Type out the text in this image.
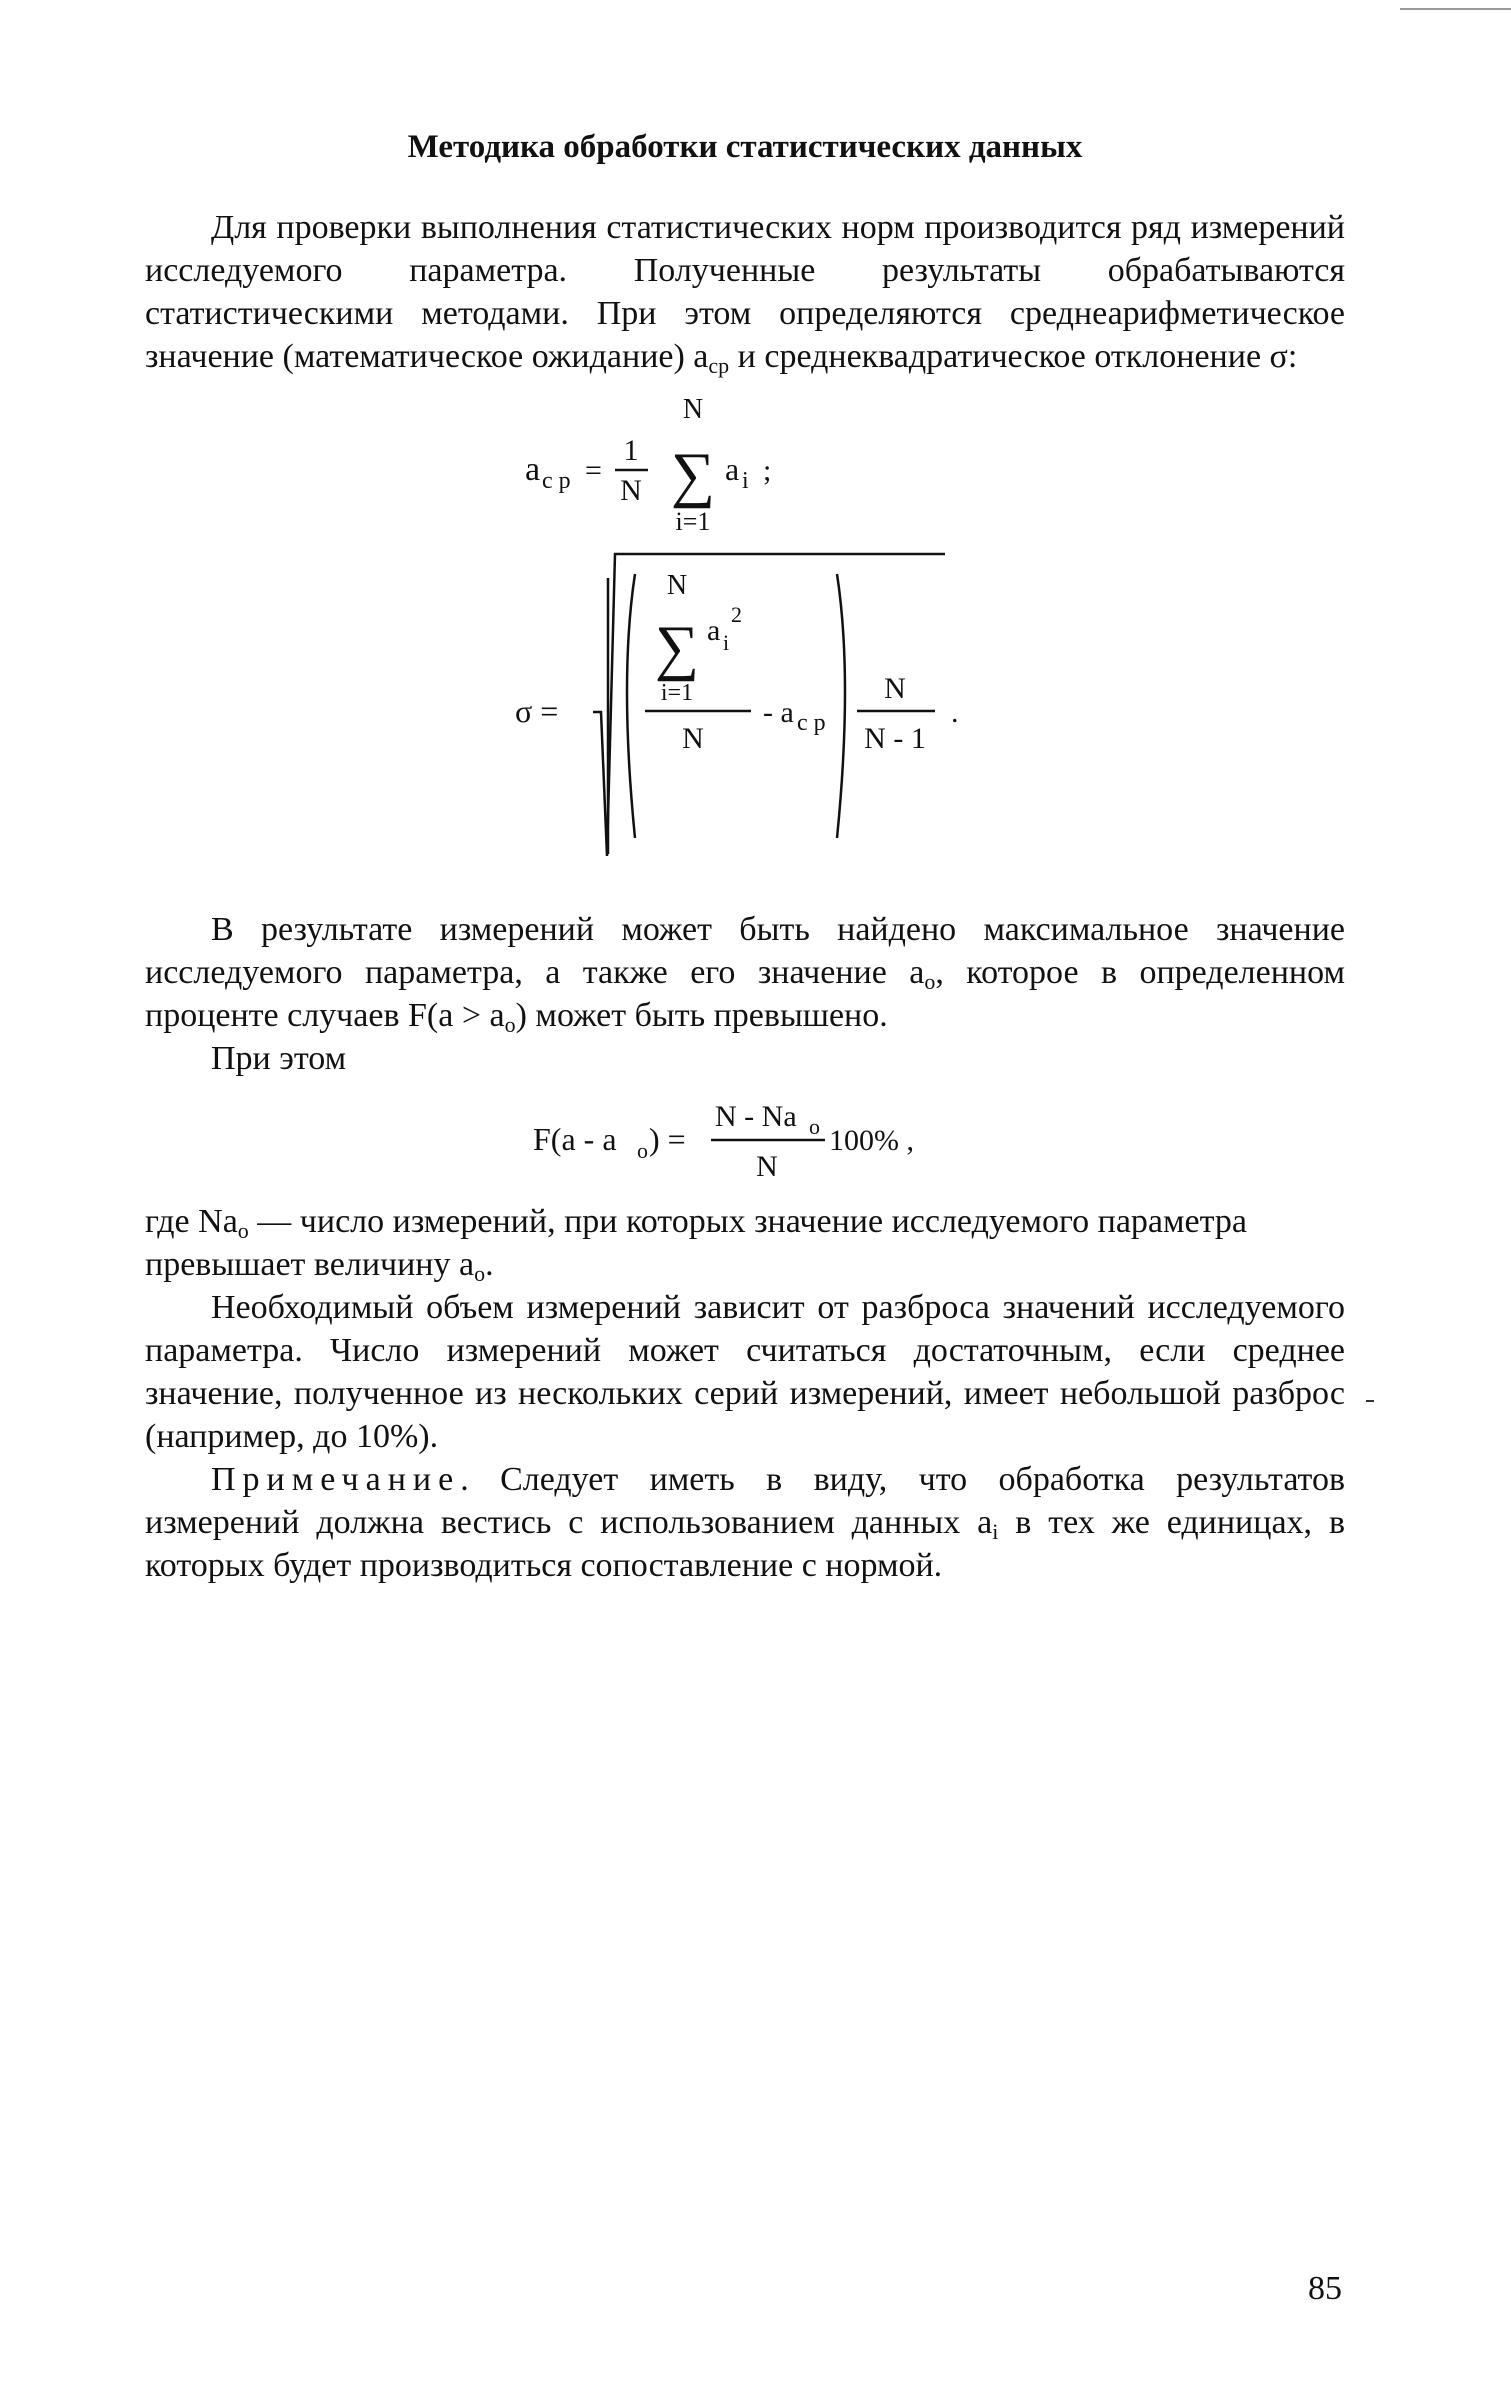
Методика обработки статистических данных

Для проверки выполнения статистических норм производится ряд измерений исследуемого параметра. Полученные результаты обрабатываются статистическими методами. При этом определяются среднеарифметическое значение (математическое ожидание) $a_{ср}$ и среднеквадратическое отклонение σ:

a c p =
1
N
N
∑
i=1
a i ;
σ =
N
∑ a i
2
i=1
N
- a c p
N
N - 1
.

В результате измерений может быть найдено максимальное значение исследуемого параметра, а также его значение $a_о$, которое в определенном проценте случаев $F(a > a_о)$ может быть превышено.

При этом

F(a - a o ) =
N - Na o
N
100% ,
где $Na_о$ — число измерений, при которых значение исследуемого параметра превышает величину $a_о$.

Необходимый объем измерений зависит от разброса значений исследуемого параметра. Число измерений может считаться достаточным, если среднее значение, полученное из нескольких серий измерений, имеет небольшой разброс (например, до 10%).

Примечание. Следует иметь в виду, что обработка результатов измерений должна вестись с использованием данных $a_i$ в тех же единицах, в которых будет производиться сопоставление с нормой.

85
